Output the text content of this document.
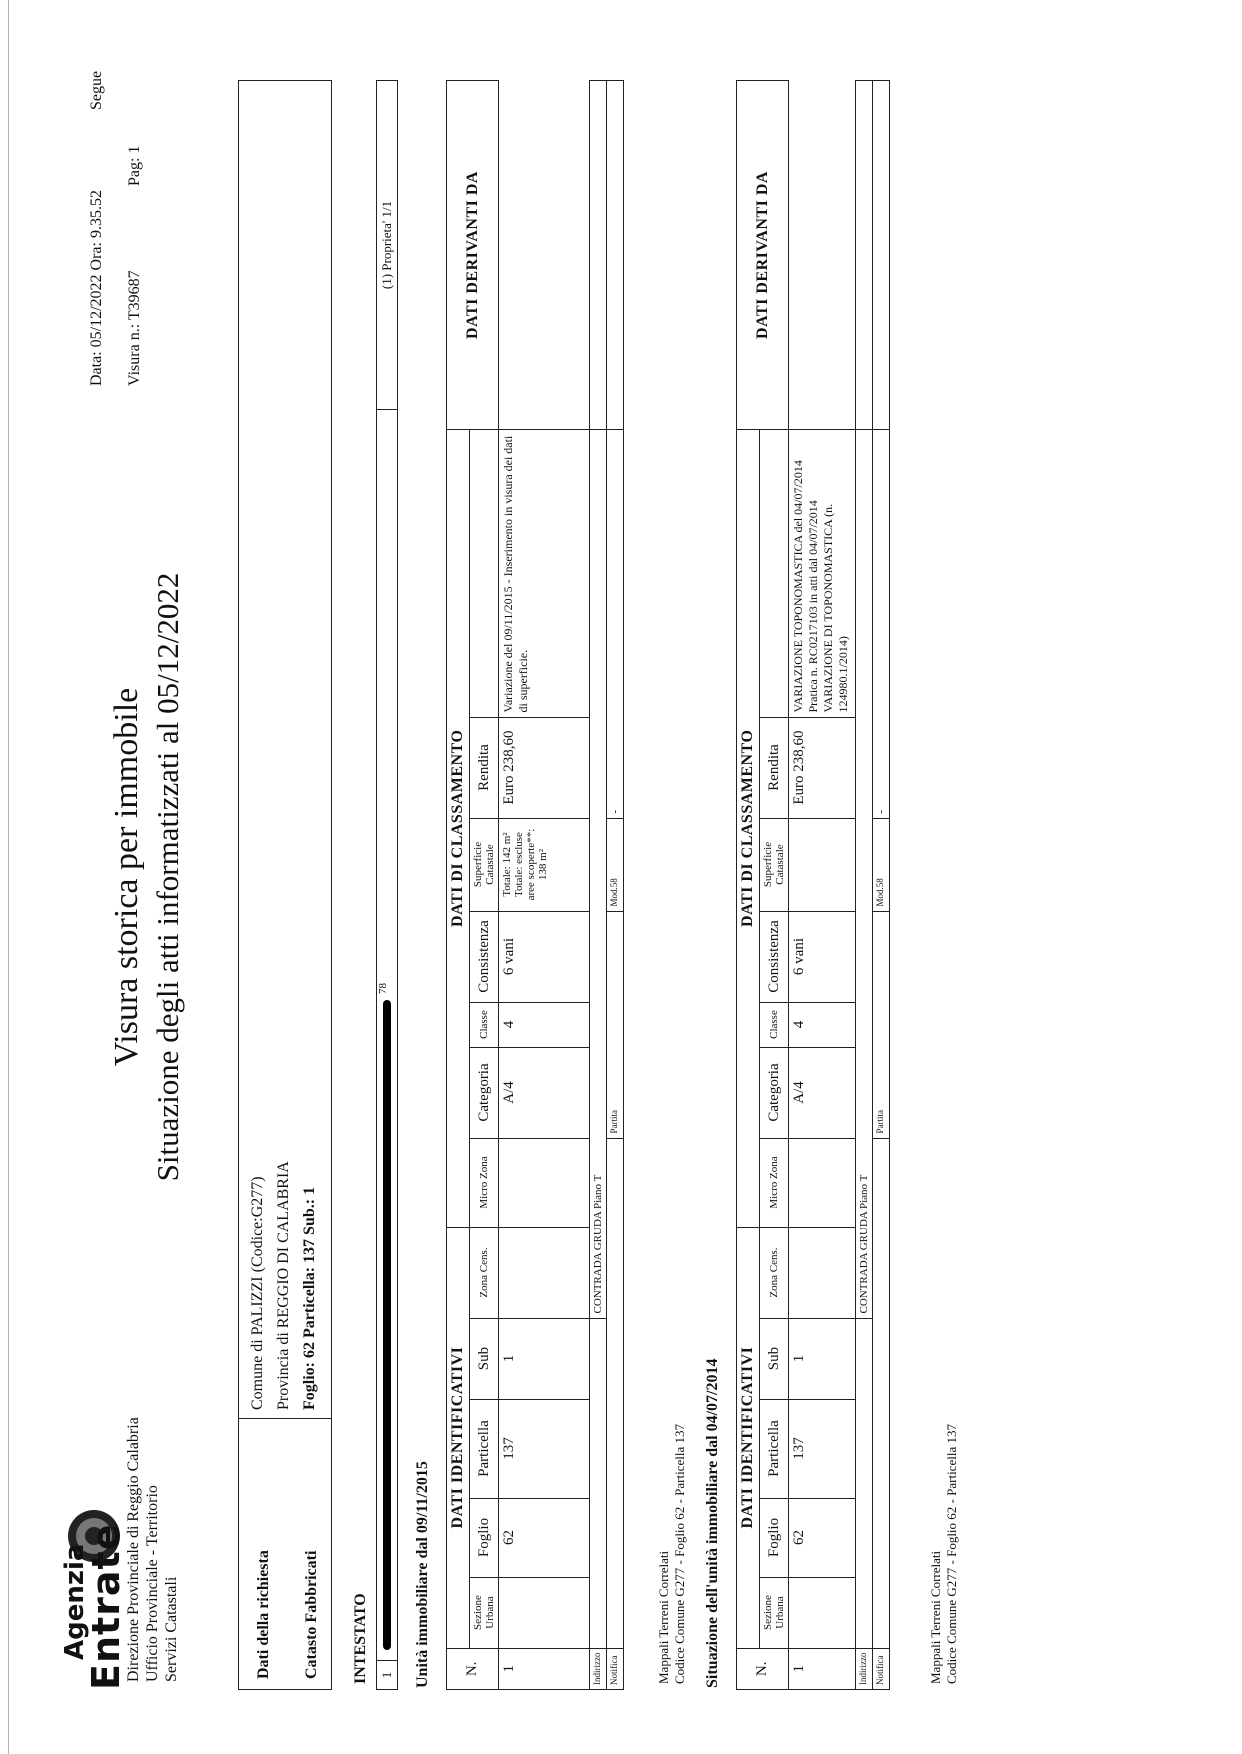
Agenzia
Entrate
Direzione Provinciale di Reggio Calabria Ufficio Provinciale - Territorio Servizi Catastali
Visura storica per immobile Situazione degli atti informatizzati al 05/12/2022
Data: 05/12/2022 Ora: 9.35.52 Visura n.: T39687
Pag: 1
Segue
Dati della richiesta Catasto Fabbricati

Comune di PALIZZI (Codice:G277) Provincia di REGGIO DI CALABRIA Foglio: 62 Particella: 137 Sub.: 1
INTESTATO 1	
78
	(1) Proprieta' 1/1
Unità immobiliare dal 09/11/2015 N.	DATI IDENTIFICATIVI					DATI DI CLASSAMENTO							DATI DERIVANTI DA
	Sezione Urbana	Foglio	Particella	Sub	Zona Cens.	Micro Zona	Categoria	Classe	Consistenza	Superficie Catastale	Rendita		
1		62	137	1			A/4	4	6 vani	Totale: 142 m² Totale: escluse aree scoperte**: 138 m²	Euro 238,60	Variazione del 09/11/2015 - Inserimento in visura dei dati di superficie.	
Indirizzo					CONTRADA GRUDA Piano T								
Notifica							Partita			Mod.58	-		
Mappali Terreni Correlati Codice Comune G277 - Foglio 62 - Particella 137 Situazione dell'unità immobiliare dal 04/07/2014 N.	DATI IDENTIFICATIVI					DATI DI CLASSAMENTO							DATI DERIVANTI DA
	Sezione Urbana	Foglio	Particella	Sub	Zona Cens.	Micro Zona	Categoria	Classe	Consistenza	Superficie Catastale	Rendita		
1		62	137	1			A/4	4	6 vani		Euro 238,60	VARIAZIONE TOPONOMASTICA del 04/07/2014 Pratica n. RC0217103 in atti dal 04/07/2014 VARIAZIONE DI TOPONOMASTICA (n. 124980.1/2014)	
Indirizzo					CONTRADA GRUDA Piano T								
Notifica							Partita			Mod.58	-		
Mappali Terreni Correlati Codice Comune G277 - Foglio 62 - Particella 137
